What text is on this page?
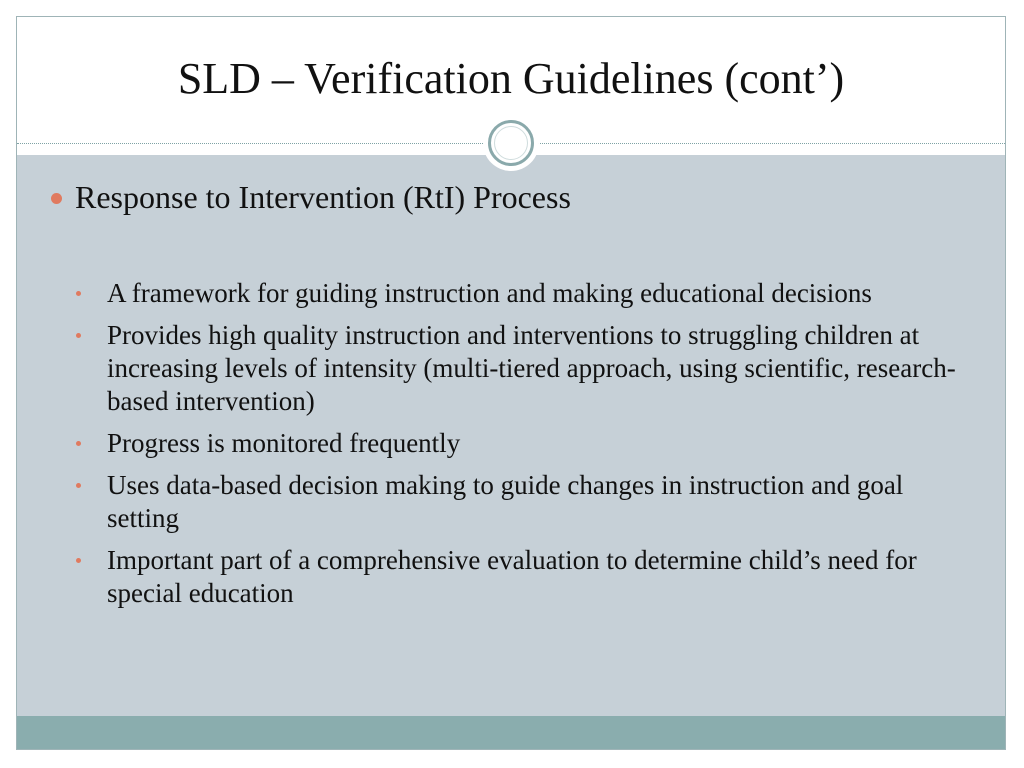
SLD – Verification Guidelines (cont’)
Response to Intervention (RtI) Process
A framework for guiding instruction and making educational decisions
Provides high quality instruction and interventions to struggling children at increasing levels of intensity (multi-tiered approach, using scientific, research-based intervention)
Progress is monitored frequently
Uses data-based decision making to guide changes in instruction and goal setting
Important part of a comprehensive evaluation to determine child’s need for special education
